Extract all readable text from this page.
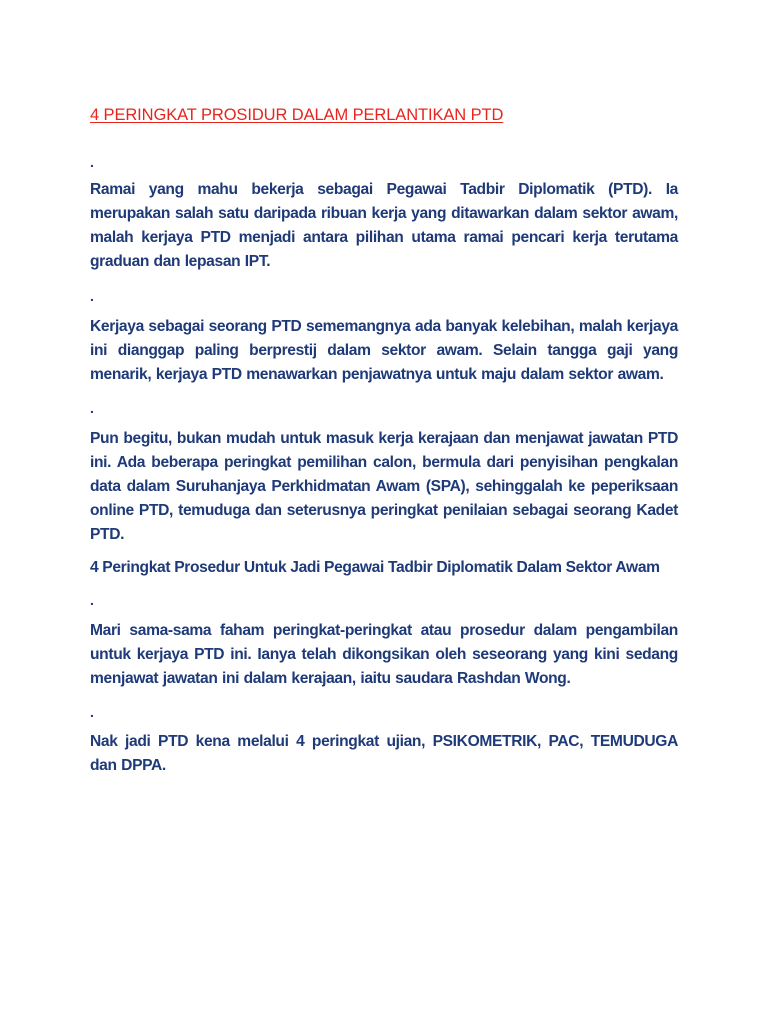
4 PERINGKAT PROSIDUR DALAM PERLANTIKAN PTD

.

Ramai yang mahu bekerja sebagai Pegawai Tadbir Diplomatik (PTD). Ia merupakan salah satu daripada ribuan kerja yang ditawarkan dalam sektor awam, malah kerjaya PTD menjadi antara pilihan utama ramai pencari kerja terutama graduan dan lepasan IPT.

.

Kerjaya sebagai seorang PTD sememangnya ada banyak kelebihan, malah kerjaya ini dianggap paling berprestij dalam sektor awam. Selain tangga gaji yang menarik, kerjaya PTD menawarkan penjawatnya untuk maju dalam sektor awam.

.

Pun begitu, bukan mudah untuk masuk kerja kerajaan dan menjawat jawatan PTD ini. Ada beberapa peringkat pemilihan calon, bermula dari penyisihan pengkalan data dalam Suruhanjaya Perkhidmatan Awam (SPA), sehinggalah ke peperiksaan online PTD, temuduga dan seterusnya peringkat penilaian sebagai seorang Kadet PTD.

4 Peringkat Prosedur Untuk Jadi Pegawai Tadbir Diplomatik Dalam Sektor Awam

.

Mari sama-sama faham peringkat-peringkat atau prosedur dalam pengambilan untuk kerjaya PTD ini. Ianya telah dikongsikan oleh seseorang yang kini sedang menjawat jawatan ini dalam kerajaan, iaitu saudara Rashdan Wong.

.

Nak jadi PTD kena melalui 4 peringkat ujian, PSIKOMETRIK, PAC, TEMUDUGA dan DPPA.
